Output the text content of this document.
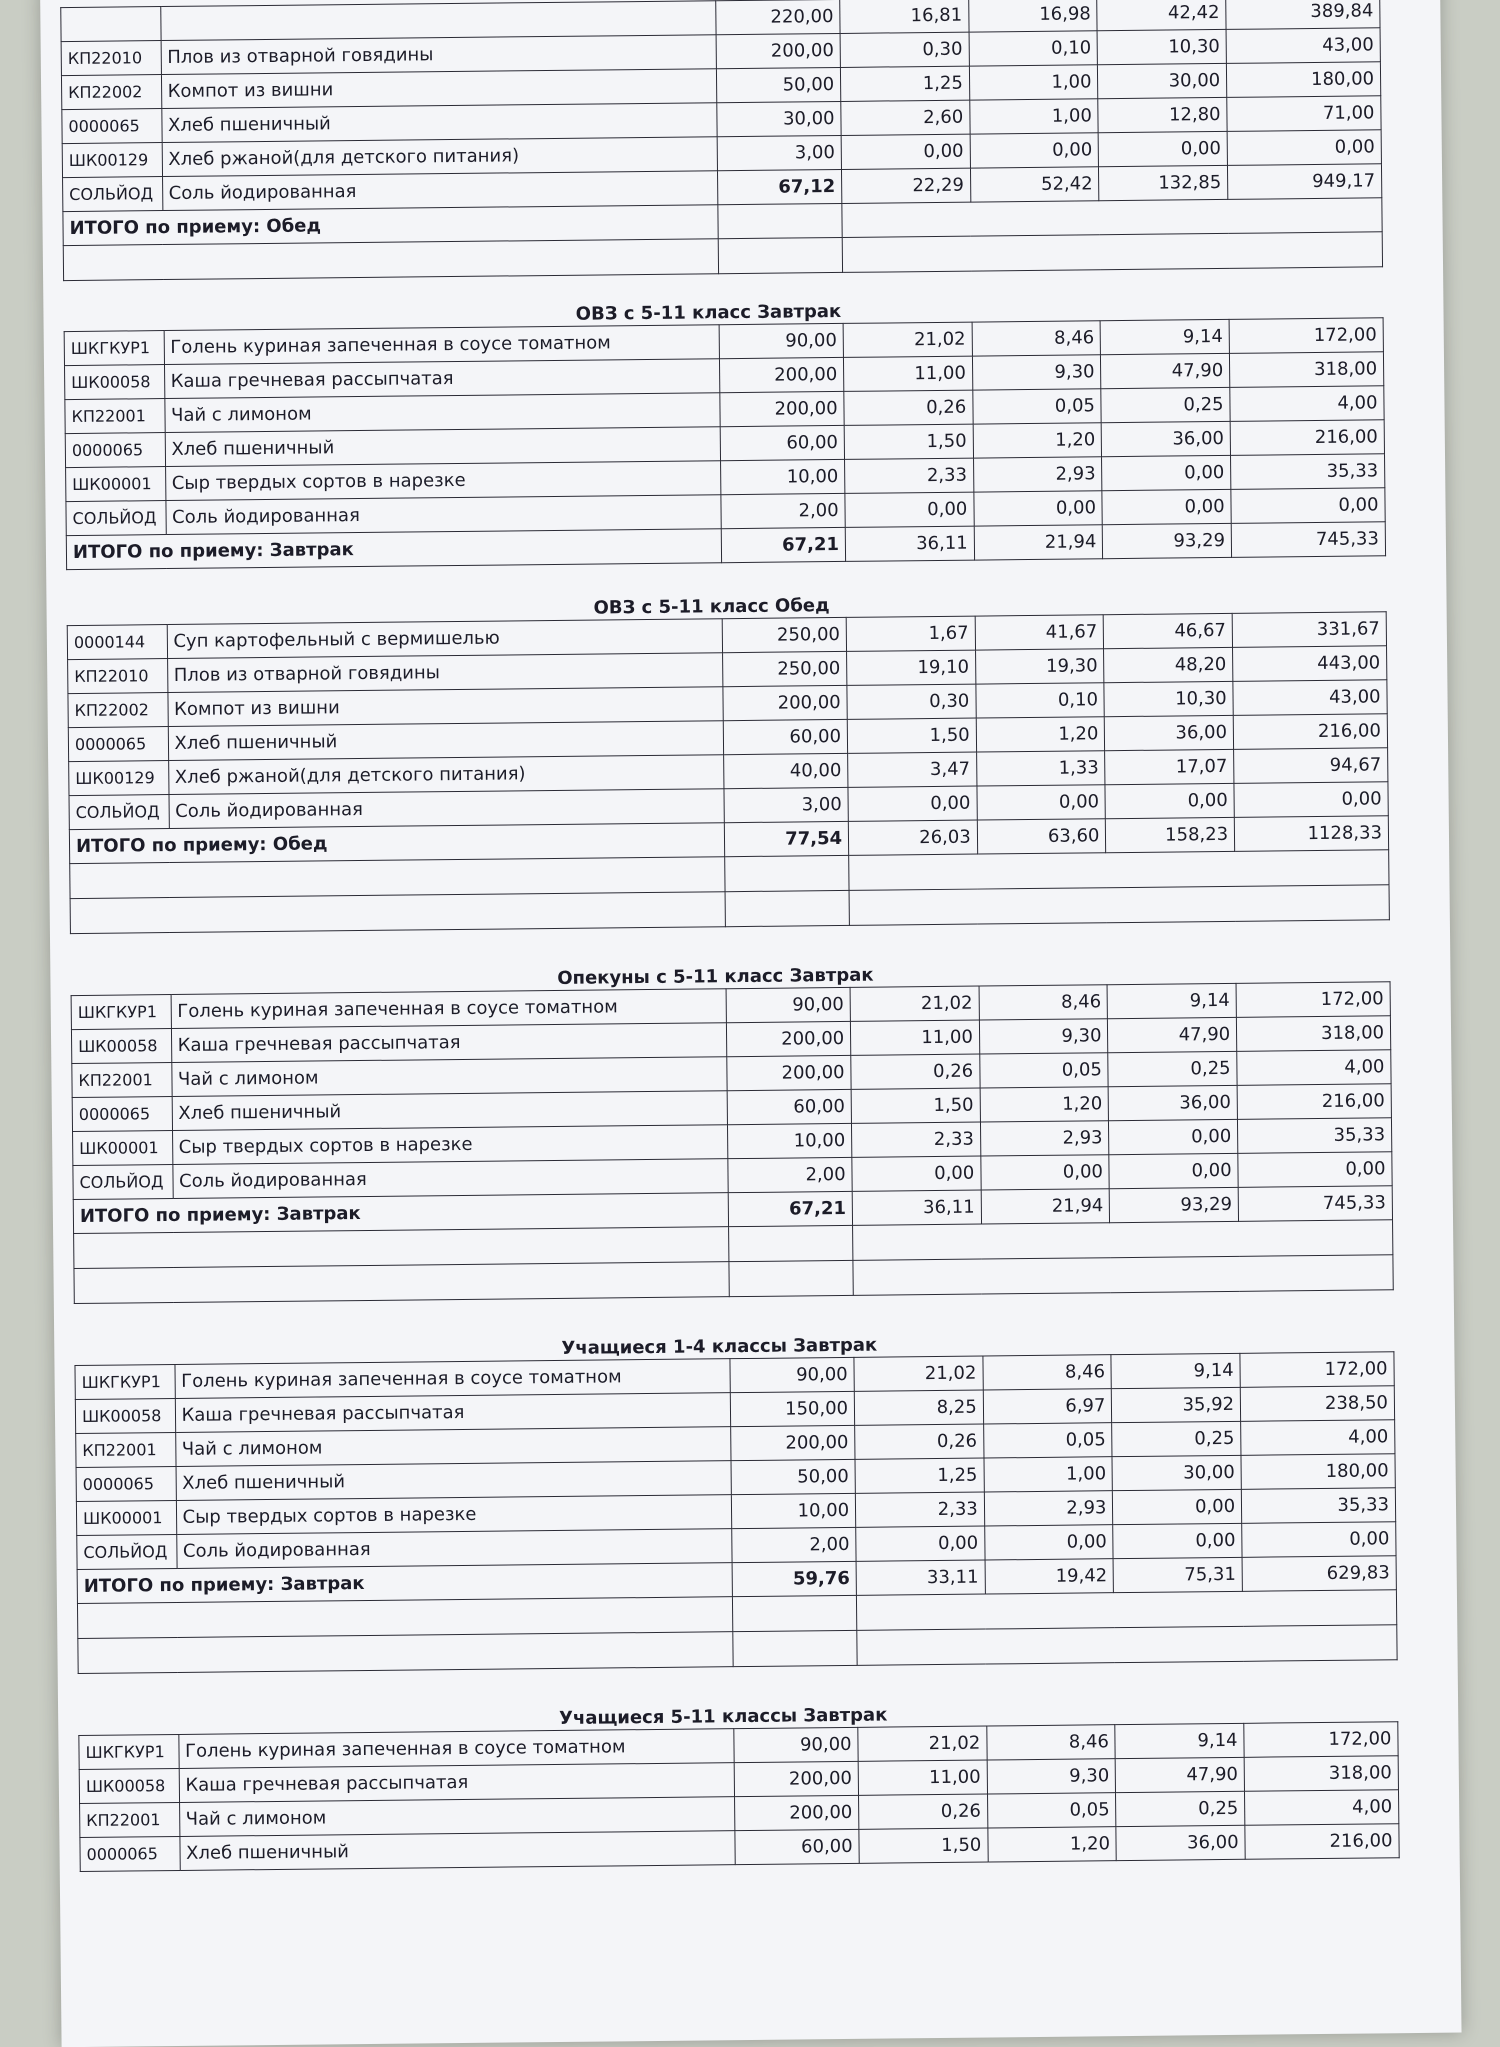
		220,00	16,81	16,98	42,42	389,84
КП22010	Плов из отварной говядины	200,00	0,30	0,10	10,30	43,00
КП22002	Компот из вишни	50,00	1,25	1,00	30,00	180,00
0000065	Хлеб пшеничный	30,00	2,60	1,00	12,80	71,00
ШК00129	Хлеб ржаной(для детского питания)	3,00	0,00	0,00	0,00	0,00
СОЛЬЙОД	Соль йодированная	67,12	22,29	52,42	132,85	949,17
ИТОГО по приему: Обед						

ОВЗ с 5-11 класс Завтрак
ШКГКУР1	Голень куриная запеченная в соусе томатном	90,00	21,02	8,46	9,14	172,00
ШК00058	Каша гречневая рассыпчатая	200,00	11,00	9,30	47,90	318,00
КП22001	Чай с лимоном	200,00	0,26	0,05	0,25	4,00
0000065	Хлеб пшеничный	60,00	1,50	1,20	36,00	216,00
ШК00001	Сыр твердых сортов в нарезке	10,00	2,33	2,93	0,00	35,33
СОЛЬЙОД	Соль йодированная	2,00	0,00	0,00	0,00	0,00
ИТОГО по приему: Завтрак		67,21	36,11	21,94	93,29	745,33
ОВЗ с 5-11 класс Обед
0000144	Суп картофельный с вермишелью	250,00	1,67	41,67	46,67	331,67
КП22010	Плов из отварной говядины	250,00	19,10	19,30	48,20	443,00
КП22002	Компот из вишни	200,00	0,30	0,10	10,30	43,00
0000065	Хлеб пшеничный	60,00	1,50	1,20	36,00	216,00
ШК00129	Хлеб ржаной(для детского питания)	40,00	3,47	1,33	17,07	94,67
СОЛЬЙОД	Соль йодированная	3,00	0,00	0,00	0,00	0,00
ИТОГО по приему: Обед		77,54	26,03	63,60	158,23	1128,33

Опекуны с 5-11 класс Завтрак
ШКГКУР1	Голень куриная запеченная в соусе томатном	90,00	21,02	8,46	9,14	172,00
ШК00058	Каша гречневая рассыпчатая	200,00	11,00	9,30	47,90	318,00
КП22001	Чай с лимоном	200,00	0,26	0,05	0,25	4,00
0000065	Хлеб пшеничный	60,00	1,50	1,20	36,00	216,00
ШК00001	Сыр твердых сортов в нарезке	10,00	2,33	2,93	0,00	35,33
СОЛЬЙОД	Соль йодированная	2,00	0,00	0,00	0,00	0,00
ИТОГО по приему: Завтрак		67,21	36,11	21,94	93,29	745,33

Учащиеся 1-4 классы Завтрак
ШКГКУР1	Голень куриная запеченная в соусе томатном	90,00	21,02	8,46	9,14	172,00
ШК00058	Каша гречневая рассыпчатая	150,00	8,25	6,97	35,92	238,50
КП22001	Чай с лимоном	200,00	0,26	0,05	0,25	4,00
0000065	Хлеб пшеничный	50,00	1,25	1,00	30,00	180,00
ШК00001	Сыр твердых сортов в нарезке	10,00	2,33	2,93	0,00	35,33
СОЛЬЙОД	Соль йодированная	2,00	0,00	0,00	0,00	0,00
ИТОГО по приему: Завтрак		59,76	33,11	19,42	75,31	629,83

Учащиеся 5-11 классы Завтрак
ШКГКУР1	Голень куриная запеченная в соусе томатном	90,00	21,02	8,46	9,14	172,00
ШК00058	Каша гречневая рассыпчатая	200,00	11,00	9,30	47,90	318,00
КП22001	Чай с лимоном	200,00	0,26	0,05	0,25	4,00
0000065	Хлеб пшеничный	60,00	1,50	1,20	36,00	216,00
